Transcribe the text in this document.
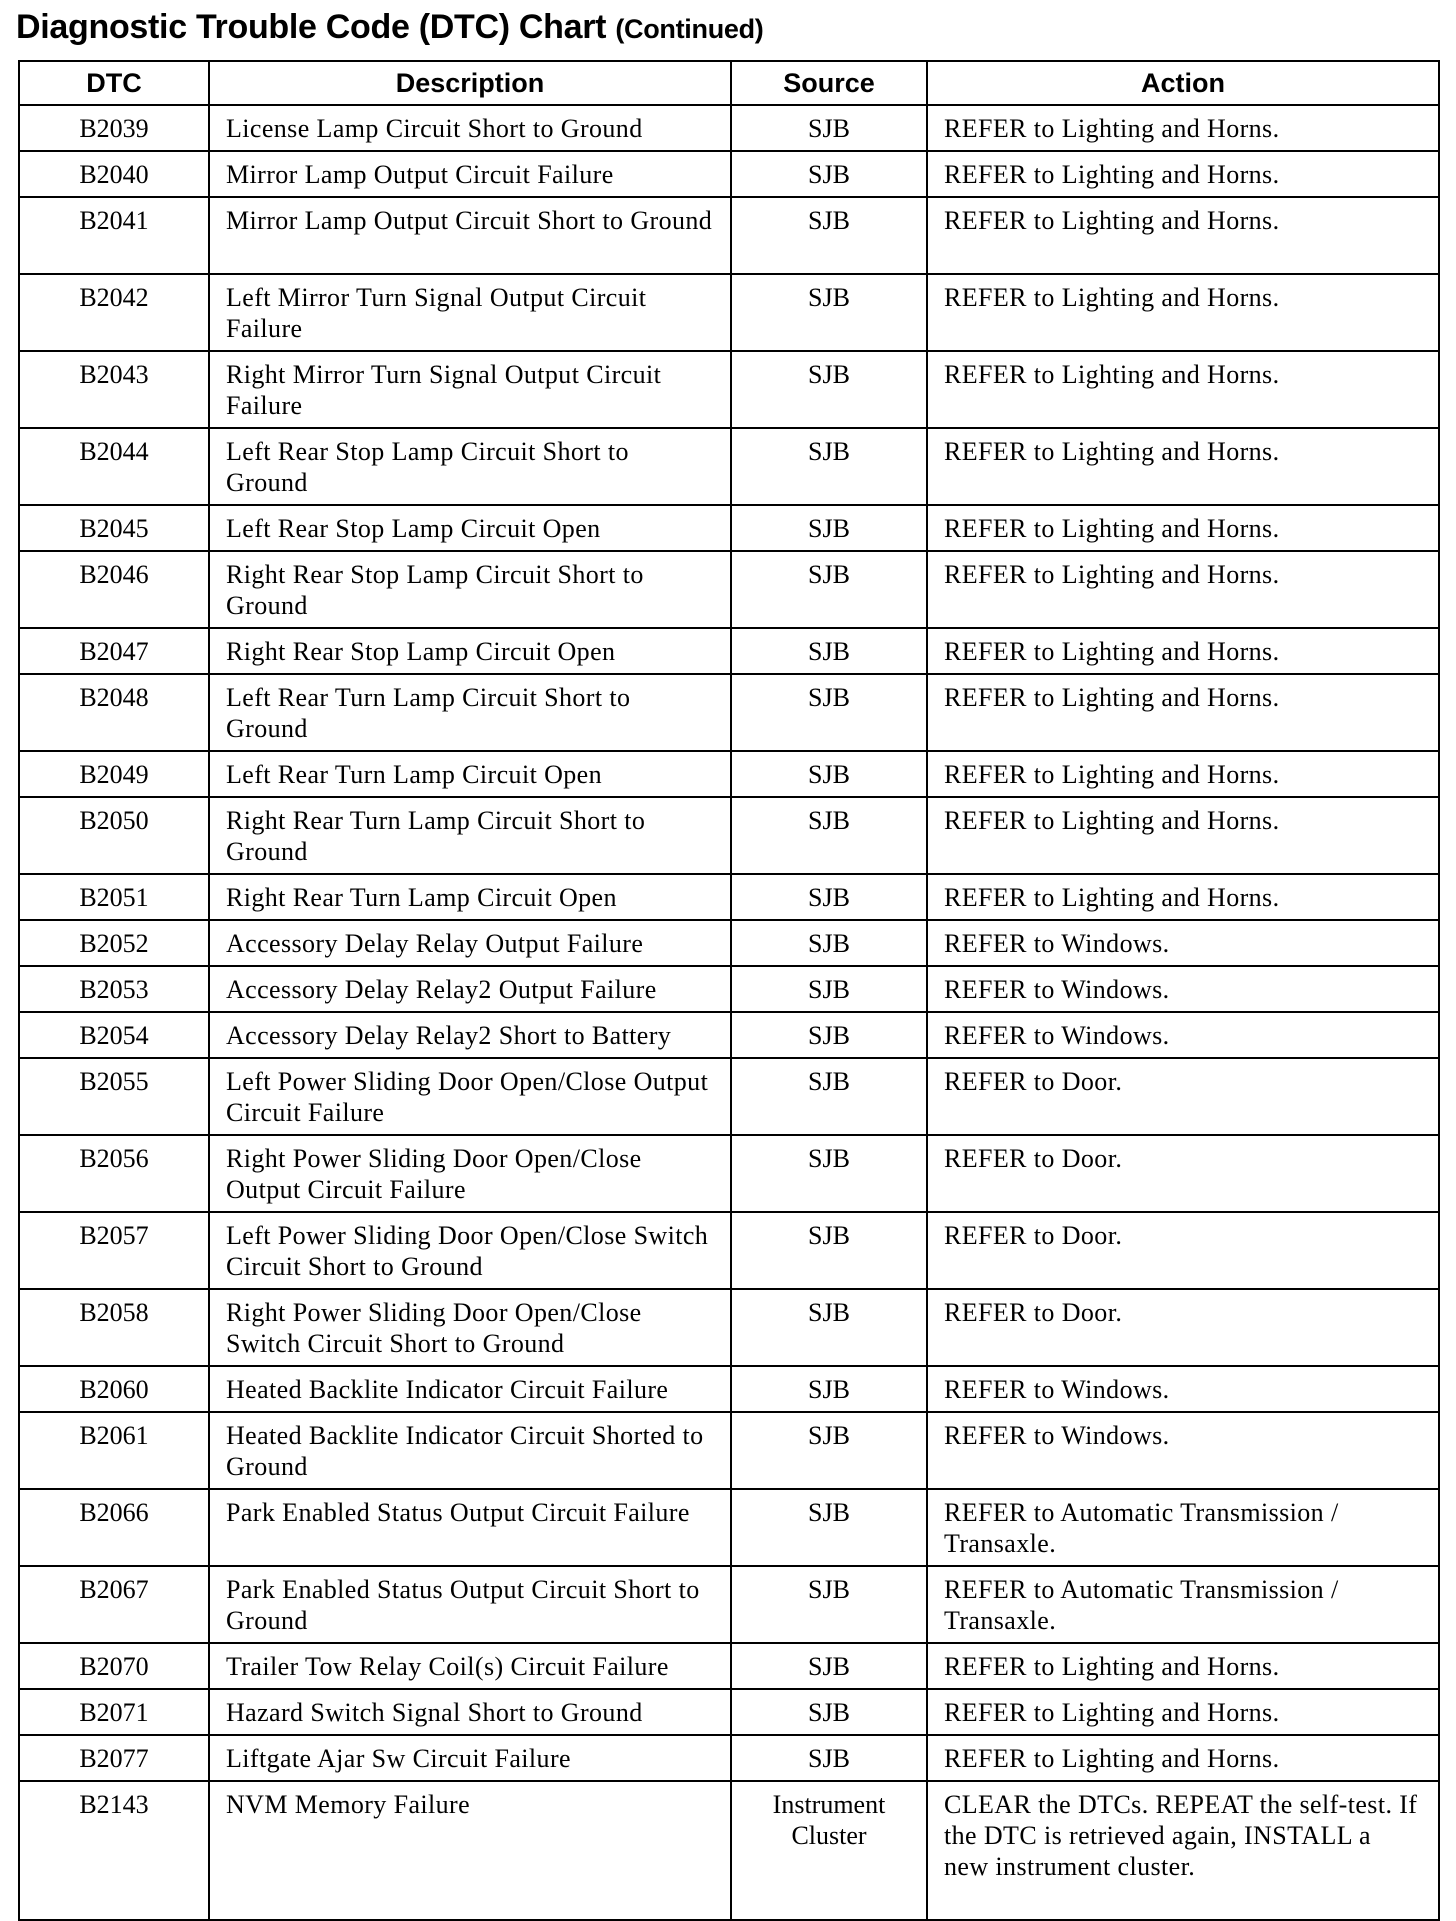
Diagnostic Trouble Code (DTC) Chart (Continued)
DTC	Description	Source	Action
B2039	License Lamp Circuit Short to Ground	SJB	REFER to Lighting and Horns.
B2040	Mirror Lamp Output Circuit Failure	SJB	REFER to Lighting and Horns.
B2041	Mirror Lamp Output Circuit Short to Ground	SJB	REFER to Lighting and Horns.
B2042	Left Mirror Turn Signal Output Circuit Failure	SJB	REFER to Lighting and Horns.
B2043	Right Mirror Turn Signal Output Circuit Failure	SJB	REFER to Lighting and Horns.
B2044	Left Rear Stop Lamp Circuit Short to Ground	SJB	REFER to Lighting and Horns.
B2045	Left Rear Stop Lamp Circuit Open	SJB	REFER to Lighting and Horns.
B2046	Right Rear Stop Lamp Circuit Short to Ground	SJB	REFER to Lighting and Horns.
B2047	Right Rear Stop Lamp Circuit Open	SJB	REFER to Lighting and Horns.
B2048	Left Rear Turn Lamp Circuit Short to Ground	SJB	REFER to Lighting and Horns.
B2049	Left Rear Turn Lamp Circuit Open	SJB	REFER to Lighting and Horns.
B2050	Right Rear Turn Lamp Circuit Short to Ground	SJB	REFER to Lighting and Horns.
B2051	Right Rear Turn Lamp Circuit Open	SJB	REFER to Lighting and Horns.
B2052	Accessory Delay Relay Output Failure	SJB	REFER to Windows.
B2053	Accessory Delay Relay2 Output Failure	SJB	REFER to Windows.
B2054	Accessory Delay Relay2 Short to Battery	SJB	REFER to Windows.
B2055	Left Power Sliding Door Open/Close Output Circuit Failure	SJB	REFER to Door.
B2056	Right Power Sliding Door Open/Close Output Circuit Failure	SJB	REFER to Door.
B2057	Left Power Sliding Door Open/Close Switch Circuit Short to Ground	SJB	REFER to Door.
B2058	Right Power Sliding Door Open/Close Switch Circuit Short to Ground	SJB	REFER to Door.
B2060	Heated Backlite Indicator Circuit Failure	SJB	REFER to Windows.
B2061	Heated Backlite Indicator Circuit Shorted to Ground	SJB	REFER to Windows.
B2066	Park Enabled Status Output Circuit Failure	SJB	REFER to Automatic Transmission / Transaxle.
B2067	Park Enabled Status Output Circuit Short to Ground	SJB	REFER to Automatic Transmission / Transaxle.
B2070	Trailer Tow Relay Coil(s) Circuit Failure	SJB	REFER to Lighting and Horns.
B2071	Hazard Switch Signal Short to Ground	SJB	REFER to Lighting and Horns.
B2077	Liftgate Ajar Sw Circuit Failure	SJB	REFER to Lighting and Horns.
B2143	NVM Memory Failure	Instrument Cluster	CLEAR the DTCs. REPEAT the self-test. If the DTC is retrieved again, INSTALL a new instrument cluster.
